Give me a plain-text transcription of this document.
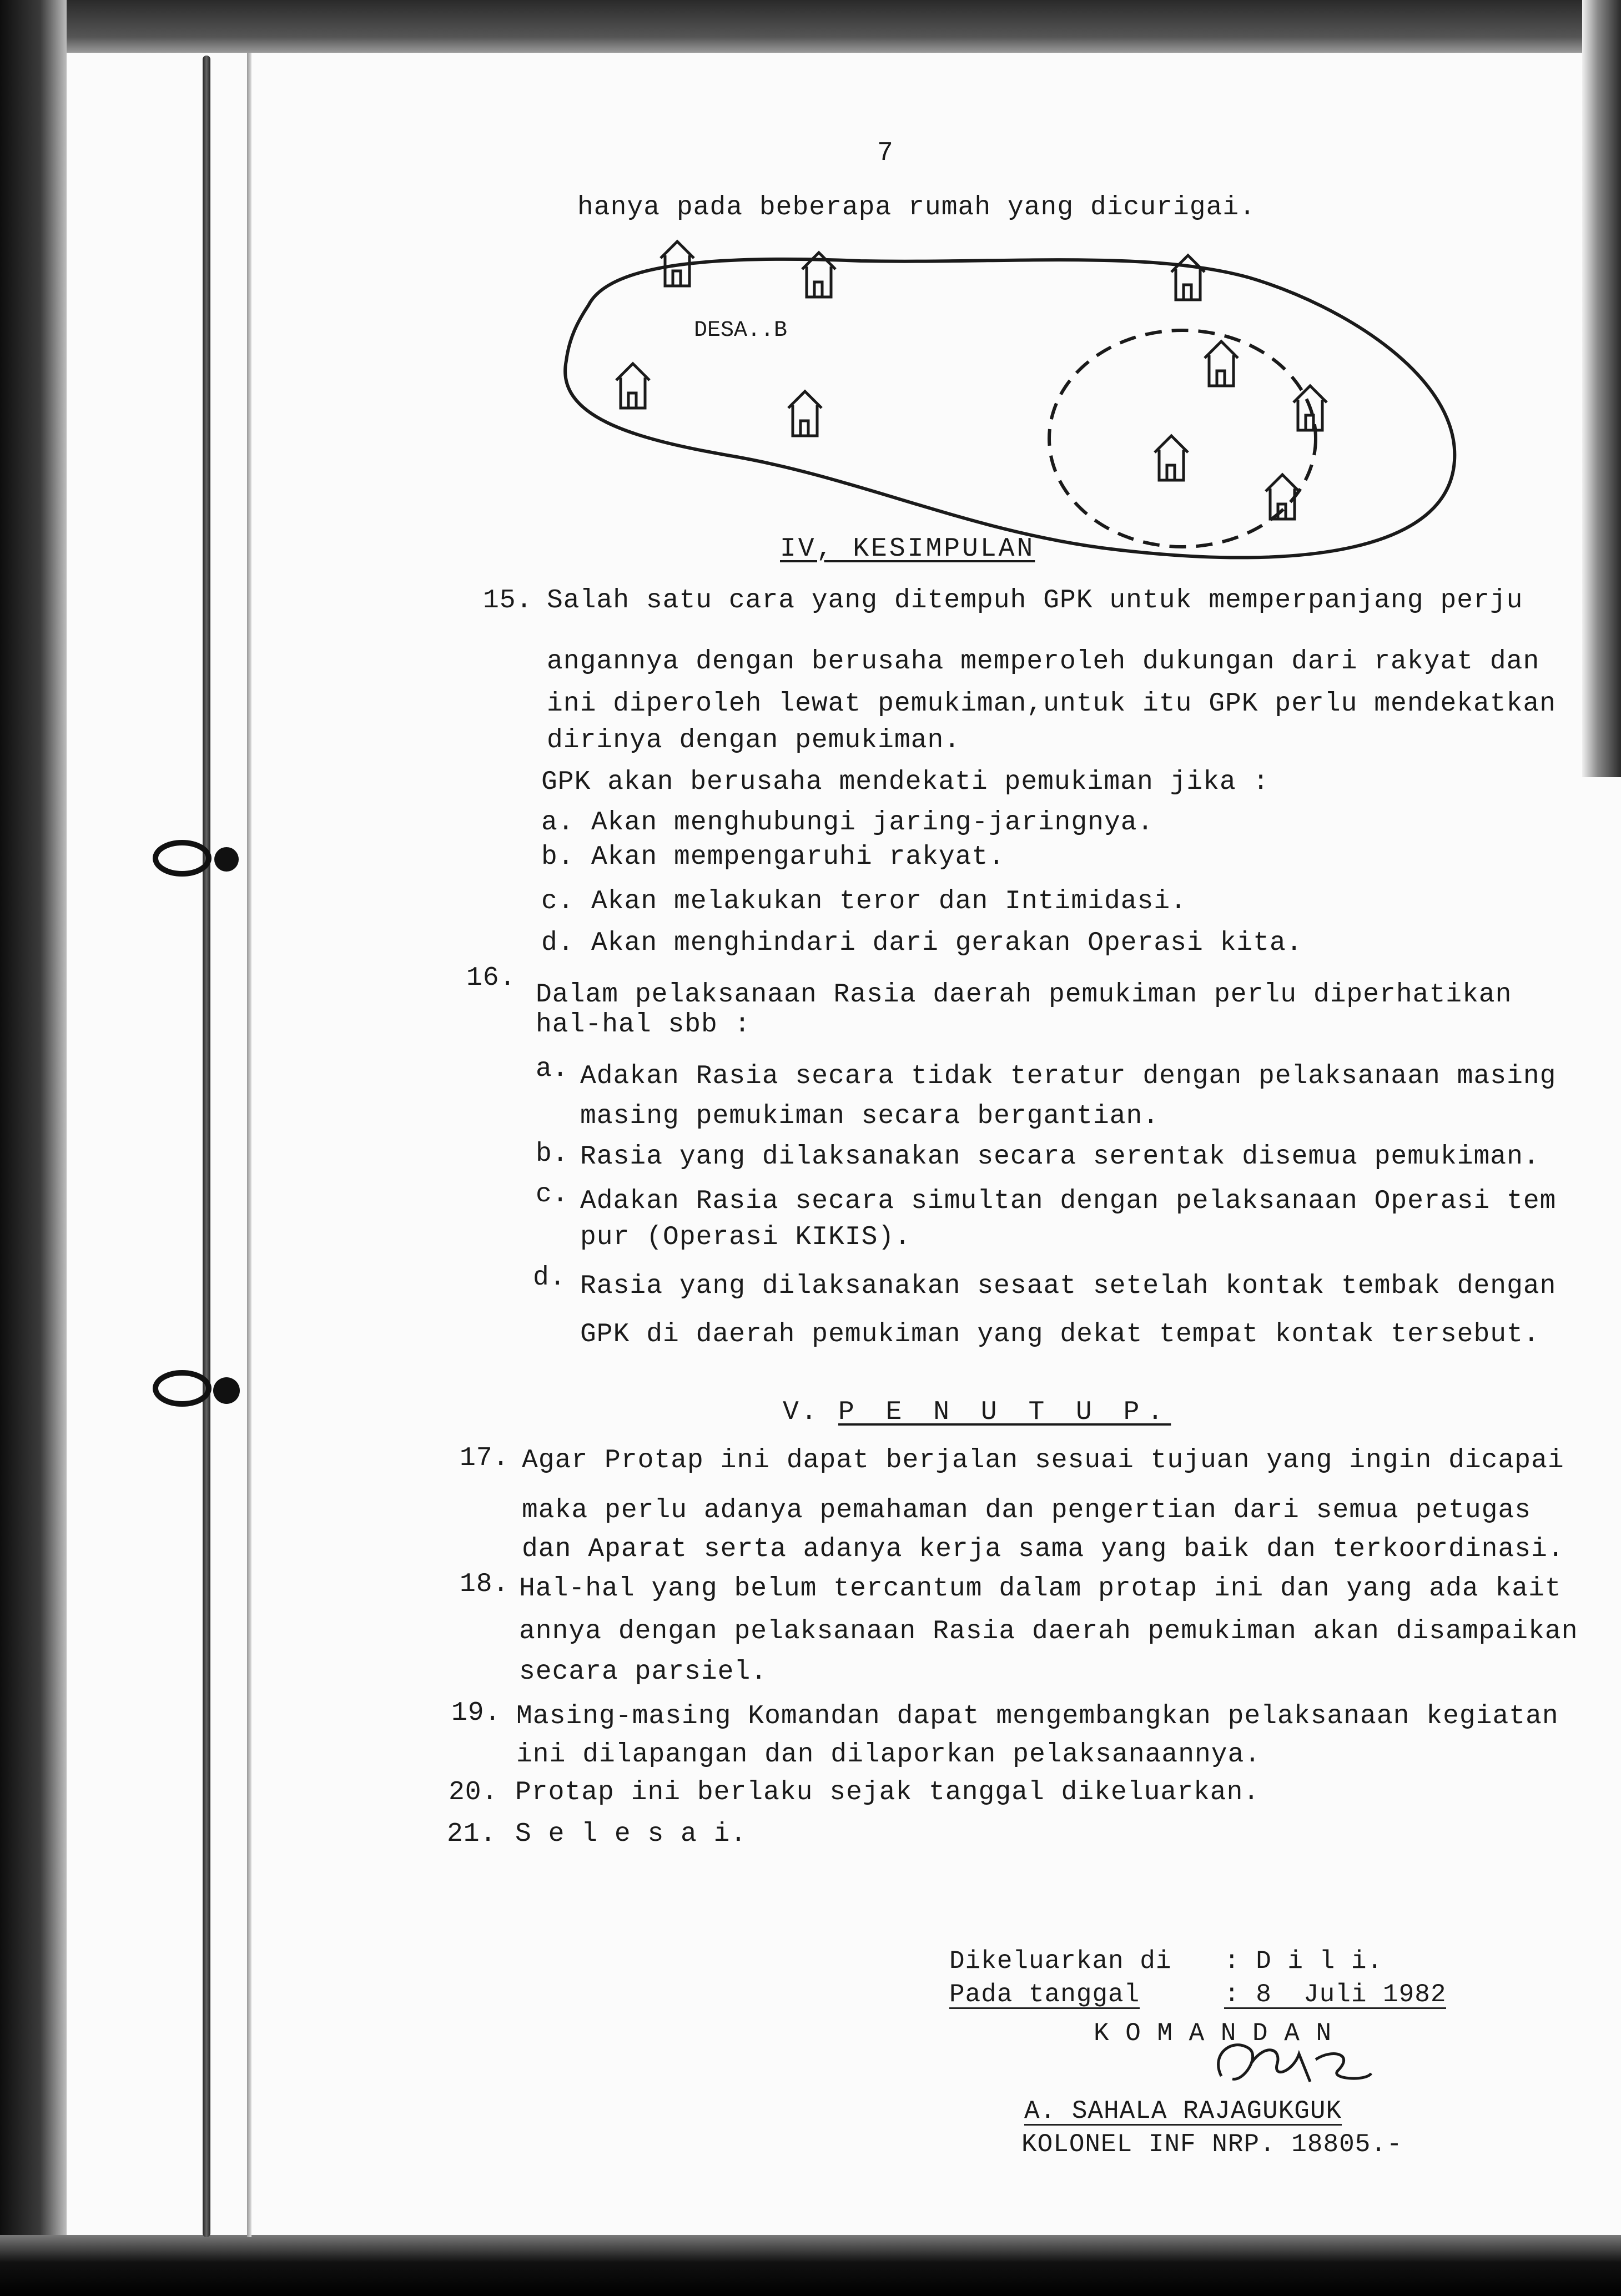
7
hanya pada beberapa rumah yang dicurigai.
DESA..B
IV, KESIMPULAN
15. Salah satu cara yang ditempuh GPK untuk memperpanjang perju
angannya dengan berusaha memperoleh dukungan dari rakyat dan
ini diperoleh lewat pemukiman,untuk itu GPK perlu mendekatkan
dirinya dengan pemukiman.
GPK akan berusaha mendekati pemukiman jika :
a. Akan menghubungi jaring-jaringnya.
b. Akan mempengaruhi rakyat.
c. Akan melakukan teror dan Intimidasi.
d. Akan menghindari dari gerakan Operasi kita.
16.
Dalam pelaksanaan Rasia daerah pemukiman perlu diperhatikan
hal-hal sbb :
a. Adakan Rasia secara tidak teratur dengan pelaksanaan masing
masing pemukiman secara bergantian.
b. Rasia yang dilaksanakan secara serentak disemua pemukiman.
c. Adakan Rasia secara simultan dengan pelaksanaan Operasi tem
pur (Operasi KIKIS).
d. Rasia yang dilaksanakan sesaat setelah kontak tembak dengan
GPK di daerah pemukiman yang dekat tempat kontak tersebut.
V. P E N U T U P.
17. Agar Protap ini dapat berjalan sesuai tujuan yang ingin dicapai
maka perlu adanya pemahaman dan pengertian dari semua petugas
dan Aparat serta adanya kerja sama yang baik dan terkoordinasi.
18. Hal-hal yang belum tercantum dalam protap ini dan yang ada kait
annya dengan pelaksanaan Rasia daerah pemukiman akan disampaikan
secara parsiel.
19. Masing-masing Komandan dapat mengembangkan pelaksanaan kegiatan
ini dilapangan dan dilaporkan pelaksanaannya.
20. Protap ini berlaku sejak tanggal dikeluarkan.
21. S e l e s a i.
Dikeluarkan di : D i l i.
Pada tanggal	: 8  Juli 1982
K O M A N D A N
A. SAHALA RAJAGUKGUK
KOLONEL INF NRP. 18805.-
